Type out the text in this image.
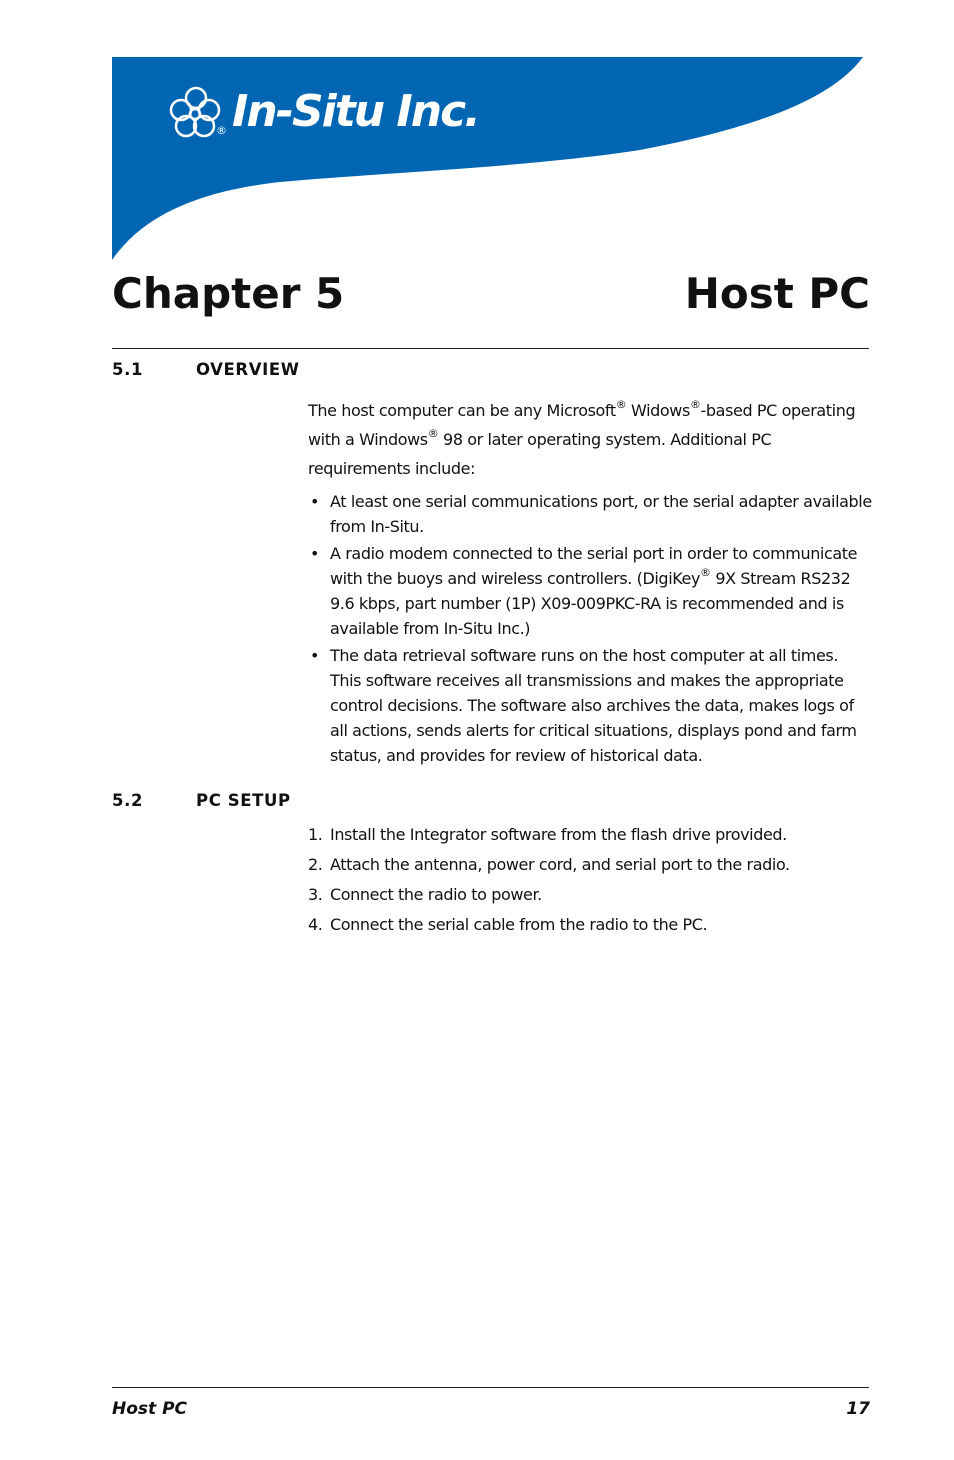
® In-Situ Inc.
Chapter 5	Host PC
5.1	OVERVIEW

The host computer can be any Microsoft® Widows®-based PC operating with a Windows® 98 or later operating system. Additional PC requirements include:

• At least one serial communications port, or the serial adapter available from In-Situ.
• A radio modem connected to the serial port in order to communicate with the buoys and wireless controllers. (DigiKey® 9X Stream RS232 9.6 kbps, part number (1P) X09-009PKC-RA is recommended and is available from In-Situ Inc.)
• The data retrieval software runs on the host computer at all times. This software receives all transmissions and makes the appropriate control decisions. The software also archives the data, makes logs of all actions, sends alerts for critical situations, displays pond and farm status, and provides for review of historical data.
5.2	PC SETUP
1. Install the Integrator software from the flash drive provided.
2. Attach the antenna, power cord, and serial port to the radio.
3. Connect the radio to power.
4. Connect the serial cable from the radio to the PC.
Host PC	17
